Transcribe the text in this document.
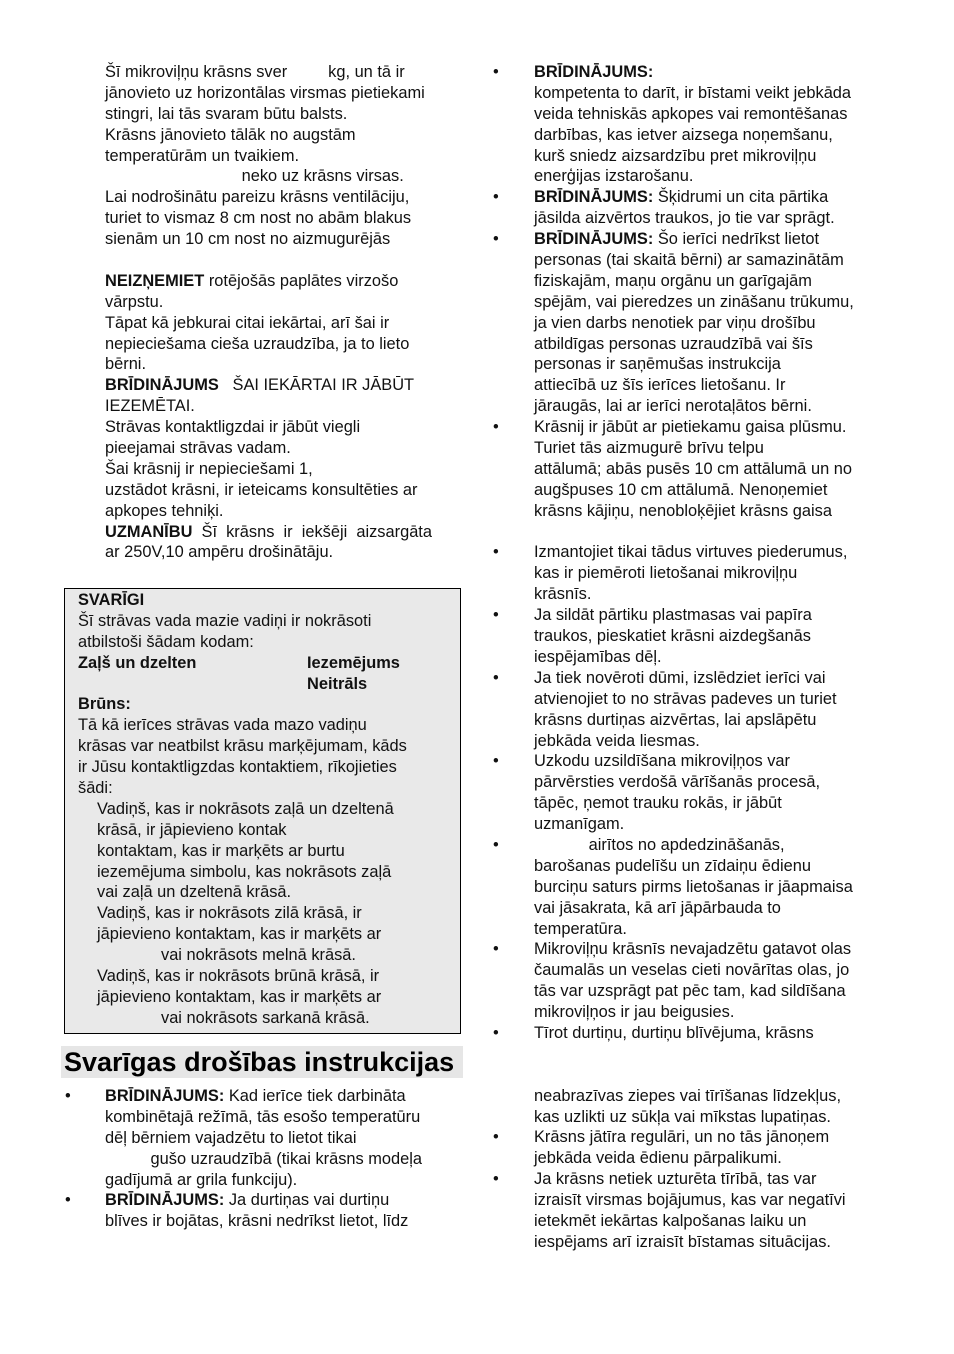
Šī mikroviļņu krāsns sver         kg, un tā ir
jānovieto uz horizontālas virsmas pietiekami
stingri, lai tās svaram būtu balsts.
Krāsns jānovieto tālāk no augstām
temperatūrām un tvaikiem.
neko uz krāsns virsas.
Lai nodrošinātu pareizu krāsns ventilāciju,
turiet to vismaz 8 cm nost no abām blakus
sienām un 10 cm nost no aizmugurējās
NEIZŅEMIET rotējošās paplātes virzošo
vārpstu.
Tāpat kā jebkurai citai iekārtai, arī šai ir
nepieciešama cieša uzraudzība, ja to lieto
bērni.
BRĪDINĀJUMS   ŠAI IEKĀRTAI IR JĀBŪT
IEZEMĒTAI.
Strāvas kontaktligzdai ir jābūt viegli
pieejamai strāvas vadam.
Šai krāsnij ir nepieciešami 1,
uzstādot krāsni, ir ieteicams konsultēties ar
apkopes tehniķi.
UZMANĪBU  Šī  krāsns  ir  iekšēji  aizsargāta
ar 250V,10 ampēru drošinātāju.
SVARĪGI
Šī strāvas vada mazie vadiņi ir nokrāsoti
atbilstoši šādam kodam:
Zaļš un dzelten	Iezemējums
Neitrāls
Brūns:
Tā kā ierīces strāvas vada mazo vadiņu
krāsas var neatbilst krāsu marķējumam, kāds
ir Jūsu kontaktligzdas kontaktiem, rīkojieties
šādi:
Vadiņš, kas ir nokrāsots zaļā un dzeltenā
krāsā, ir jāpievieno kontak
kontaktam, kas ir marķēts ar burtu
iezemējuma simbolu, kas nokrāsots zaļā
vai zaļā un dzeltenā krāsā.
Vadiņš, kas ir nokrāsots zilā krāsā, ir
jāpievieno kontaktam, kas ir marķēts ar
vai nokrāsots melnā krāsā.
Vadiņš, kas ir nokrāsots brūnā krāsā, ir
jāpievieno kontaktam, kas ir marķēts ar
vai nokrāsots sarkanā krāsā.
Svarīgas drošības instrukcijas
• BRĪDINĀJUMS: Kad ierīce tiek darbināta
kombinētajā režīmā, tās esošo temperatūru
dēļ bērniem vajadzētu to lietot tikai
gušo uzraudzībā (tikai krāsns modeļa
gadījumā ar grila funkciju).
• BRĪDINĀJUMS: Ja durtiņas vai durtiņu
blīves ir bojātas, krāsni nedrīkst lietot, līdz
• BRĪDINĀJUMS:
kompetenta to darīt, ir bīstami veikt jebkāda
veida tehniskās apkopes vai remontēšanas
darbības, kas ietver aizsega noņemšanu,
kurš sniedz aizsardzību pret mikroviļņu
enerģijas izstarošanu.
• BRĪDINĀJUMS: Šķidrumi un cita pārtika
jāsilda aizvērtos traukos, jo tie var sprāgt.
• BRĪDINĀJUMS: Šo ierīci nedrīkst lietot
personas (tai skaitā bērni) ar samazinātām
fiziskajām, maņu orgānu un garīgajām
spējām, vai pieredzes un zināšanu trūkumu,
ja vien darbs nenotiek par viņu drošību
atbildīgas personas uzraudzībā vai šīs
personas ir saņēmušas instrukcija
attiecībā uz šīs ierīces lietošanu. Ir
jāraugās, lai ar ierīci nerotaļātos bērni.
• Krāsnij ir jābūt ar pietiekamu gaisa plūsmu.
Turiet tās aizmugurē brīvu telpu
attālumā; abās pusēs 10 cm attālumā un no
augšpuses 10 cm attālumā. Nenoņemiet
krāsns kājiņu, nenobloķējiet krāsns gaisa
• Izmantojiet tikai tādus virtuves piederumus,
kas ir piemēroti lietošanai mikroviļņu
krāsnīs.
• Ja sildāt pārtiku plastmasas vai papīra
traukos, pieskatiet krāsni aizdegšanās
iespējamības dēļ.
• Ja tiek novēroti dūmi, izslēdziet ierīci vai
atvienojiet to no strāvas padeves un turiet
krāsns durtiņas aizvērtas, lai apslāpētu
jebkāda veida liesmas.
• Uzkodu uzsildīšana mikroviļņos var
pārvērsties verdošā vārīšanās procesā,
tāpēc, ņemot trauku rokās, ir jābūt
uzmanīgam.
• airītos no apdedzināšanās,
barošanas pudelīšu un zīdaiņu ēdienu
burciņu saturs pirms lietošanas ir jāapmaisa
vai jāsakrata, kā arī jāpārbauda to
temperatūra.
• Mikroviļņu krāsnīs nevajadzētu gatavot olas
čaumalās un veselas cieti novārītas olas, jo
tās var uzsprāgt pat pēc tam, kad sildīšana
mikroviļņos ir jau beigusies.
• Tīrot durtiņu, durtiņu blīvējuma, krāsns
neabrazīvas ziepes vai tīrīšanas līdzekļus,
kas uzlikti uz sūkļa vai mīkstas lupatiņas.
• Krāsns jātīra regulāri, un no tās jānoņem
jebkāda veida ēdienu pārpalikumi.
• Ja krāsns netiek uzturēta tīrībā, tas var
izraisīt virsmas bojājumus, kas var negatīvi
ietekmēt iekārtas kalpošanas laiku un
iespējams arī izraisīt bīstamas situācijas.
